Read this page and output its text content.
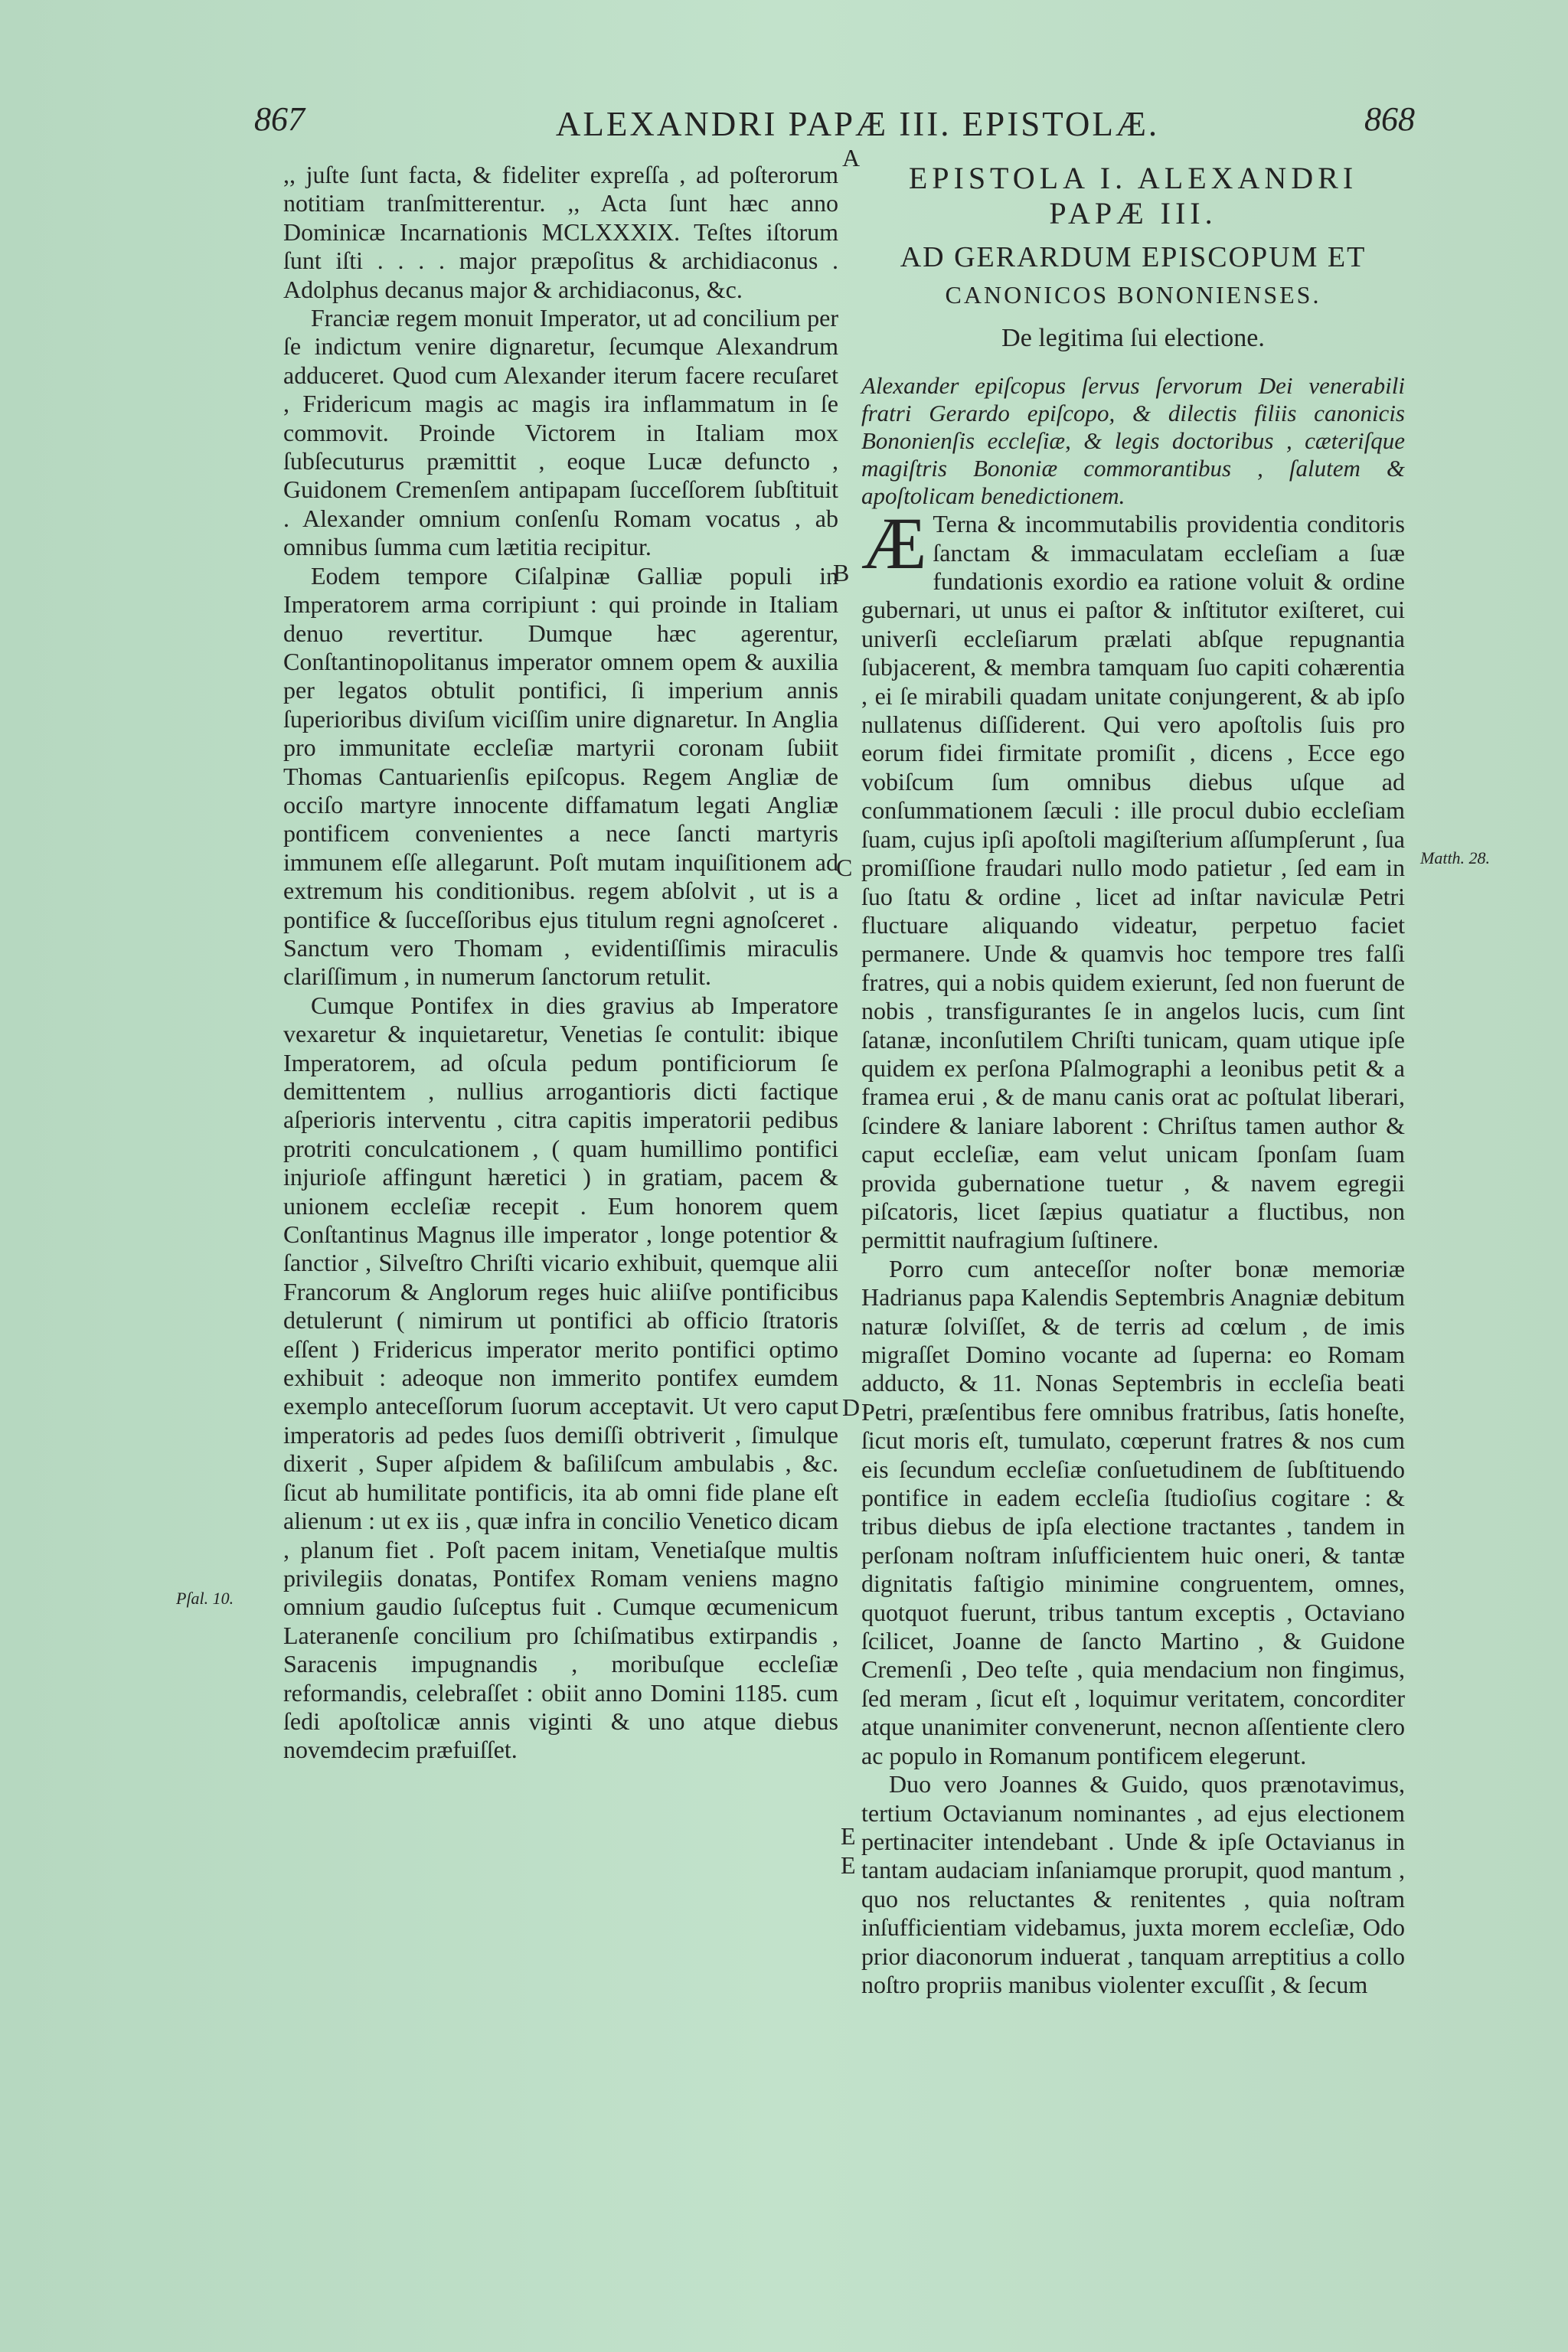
867	ALEXANDRI PAPÆ III. EPISTOLÆ.	868

,, juſte ſunt facta, & fideliter expreſſa , ad poſterorum notitiam tranſmitterentur. ,, Acta ſunt hæc anno Dominicæ Incarnationis MCLXXXIX. Teſtes iſtorum ſunt iſti . . . . major præpoſitus & archidiaconus . Adolphus decanus major & archidiaconus, &c.

Franciæ regem monuit Imperator, ut ad concilium per ſe indictum venire dignaretur, ſecumque Alexandrum adduceret. Quod cum Alexander iterum facere recuſaret , Fridericum magis ac magis ira inflammatum in ſe commovit. Proinde Victorem in Italiam mox ſubſecuturus præmittit , eoque Lucæ defuncto , Guidonem Cremenſem antipapam ſucceſſorem ſubſtituit . Alexander omnium conſenſu Romam vocatus , ab omnibus ſumma cum lætitia recipitur.

Eodem tempore Ciſalpinæ Galliæ populi in Imperatorem arma corripiunt : qui proinde in Italiam denuo revertitur. Dumque hæc agerentur, Conſtantinopolitanus imperator omnem opem & auxilia per legatos obtulit pontifici, ſi imperium annis ſuperioribus diviſum viciſſim unire dignaretur. In Anglia pro immunitate eccleſiæ martyrii coronam ſubiit Thomas Cantuarienſis epiſcopus. Regem Angliæ de occiſo martyre innocente diffamatum legati Angliæ pontificem convenientes a nece ſancti martyris immunem eſſe allegarunt. Poſt mutam inquiſitionem ad extremum his conditionibus. regem abſolvit , ut is a pontifice & ſucceſſoribus ejus titulum regni agnoſceret . Sanctum vero Thomam , evidentiſſimis miraculis clariſſimum , in numerum ſanctorum retulit.

Cumque Pontifex in dies gravius ab Imperatore vexaretur & inquietaretur, Venetias ſe contulit: ibique Imperatorem, ad oſcula pedum pontificiorum ſe demittentem , nullius arrogantioris dicti factique aſperioris interventu , citra capitis imperatorii pedibus protriti conculcationem , ( quam humillimo pontifici injurioſe affingunt hæretici ) in gratiam, pacem & unionem eccleſiæ recepit . Eum honorem quem Conſtantinus Magnus ille imperator , longe potentior & ſanctior , Silveſtro Chriſti vicario exhibuit, quemque alii Francorum & Anglorum reges huic aliiſve pontificibus detulerunt ( nimirum ut pontifici ab officio ſtratoris eſſent ) Fridericus imperator merito pontifici optimo exhibuit : adeoque non immerito pontifex eumdem exemplo anteceſſorum ſuorum acceptavit. Ut vero caput imperatoris ad pedes ſuos demiſſi obtriverit , ſimulque dixerit , Super aſpidem & baſiliſcum ambulabis , &c. ſicut ab humilitate pontificis, ita ab omni fide plane eſt alienum : ut ex iis , quæ infra in concilio Venetico dicam , planum fiet . Poſt pacem initam, Venetiaſque multis privilegiis donatas, Pontifex Romam veniens magno omnium gaudio ſuſceptus fuit . Cumque œcumenicum Lateranenſe concilium pro ſchiſmatibus extirpandis , Saracenis impugnandis , moribuſque eccleſiæ reformandis, celebraſſet : obiit anno Domini 1185. cum ſedi apoſtolicæ annis viginti & uno atque diebus novemdecim præfuiſſet.

EPISTOLA I. ALEXANDRI PAPÆ III.
AD GERARDUM EPISCOPUM ET
CANONICOS BONONIENSES.
De legitima ſui electione.

Alexander epiſcopus ſervus ſervorum Dei venerabili fratri Gerardo epiſcopo, & dilectis filiis canonicis Bononienſis eccleſiæ, & legis doctoribus , cæteriſque magiſtris Bononiæ commorantibus , ſalutem & apoſtolicam benedictionem.

Æ Terna & incommutabilis providentia conditoris ſanctam & immaculatam eccleſiam a ſuæ fundationis exordio ea ratione voluit & ordine gubernari, ut unus ei paſtor & inſtitutor exiſteret, cui univerſi eccleſiarum prælati abſque repugnantia ſubjacerent, & membra tamquam ſuo capiti cohærentia , ei ſe mirabili quadam unitate conjungerent, & ab ipſo nullatenus diſſiderent. Qui vero apoſtolis ſuis pro eorum fidei firmitate promiſit , dicens , Ecce ego vobiſcum ſum omnibus diebus uſque ad conſummationem ſæculi : ille procul dubio eccleſiam ſuam, cujus ipſi apoſtoli magiſterium aſſumpſerunt , ſua promiſſione fraudari nullo modo patietur , ſed eam in ſuo ſtatu & ordine , licet ad inſtar naviculæ Petri fluctuare aliquando videatur, perpetuo faciet permanere. Unde & quamvis hoc tempore tres falſi fratres, qui a nobis quidem exierunt, ſed non fuerunt de nobis , transfigurantes ſe in angelos lucis, cum ſint ſatanæ, inconſutilem Chriſti tunicam, quam utique ipſe quidem ex perſona Pſalmographi a leonibus petit & a framea erui , & de manu canis orat ac poſtulat liberari, ſcindere & laniare laborent : Chriſtus tamen author & caput eccleſiæ, eam velut unicam ſponſam ſuam provida gubernatione tuetur , & navem egregii piſcatoris, licet ſæpius quatiatur a fluctibus, non permittit naufragium ſuſtinere.

Porro cum anteceſſor noſter bonæ memoriæ Hadrianus papa Kalendis Septembris Anagniæ debitum naturæ ſolviſſet, & de terris ad cœlum , de imis migraſſet Domino vocante ad ſuperna: eo Romam adducto, & 11. Nonas Septembris in eccleſia beati Petri, præſentibus fere omnibus fratribus, ſatis honeſte, ſicut moris eſt, tumulato, cœperunt fratres & nos cum eis ſecundum eccleſiæ conſuetudinem de ſubſtituendo pontifice in eadem eccleſia ſtudioſius cogitare : & tribus diebus de ipſa electione tractantes , tandem in perſonam noſtram inſufficientem huic oneri, & tantæ dignitatis faſtigio minimine congruentem, omnes, quotquot fuerunt, tribus tantum exceptis , Octaviano ſcilicet, Joanne de ſancto Martino , & Guidone Cremenſi , Deo teſte , quia mendacium non fingimus, ſed meram , ſicut eſt , loquimur veritatem, concorditer atque unanimiter convenerunt, necnon aſſentiente clero ac populo in Romanum pontificem elegerunt.

Duo vero Joannes & Guido, quos prænotavimus, tertium Octavianum nominantes , ad ejus electionem pertinaciter intendebant . Unde & ipſe Octavianus in tantam audaciam inſaniamque prorupit, quod mantum , quo nos reluctantes & renitentes , quia noſtram inſufficientiam videbamus, juxta morem eccleſiæ, Odo prior diaconorum induerat , tanquam arreptitius a collo noſtro propriis manibus violenter excuſſit , & ſecum

A
B
C
D
E
E
Pſal. 10.
Matth. 28.
